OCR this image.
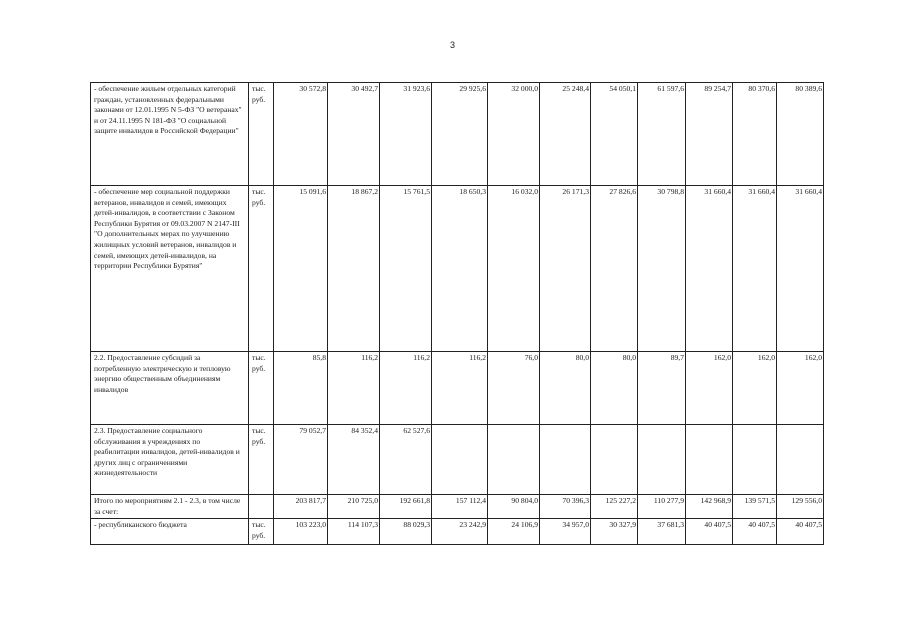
3
- обеспечение жильем отдельных категорий граждан, установленных федеральными законами от 12.01.1995 N 5-ФЗ "О ветеранах" и от 24.11.1995 N 181-ФЗ "О социальной защите инвалидов в Российской Федерации"	тыс. руб.	30 572,8	30 492,7	31 923,6	29 925,6	32 000,0	25 248,4	54 050,1	61 597,6	89 254,7	80 370,6	80 389,6
- обеспечение мер социальной поддержки ветеранов, инвалидов и семей, имеющих детей-инвалидов, в соответствии с Законом Республики Бурятия от 09.03.2007 N 2147-III "О дополнительных мерах по улучшению жилищных условий ветеранов, инвалидов и семей, имеющих детей-инвалидов, на территории Республики Бурятия"	тыс. руб.	15 091,6	18 867,2	15 761,5	18 650,3	16 032,0	26 171,3	27 826,6	30 798,8	31 660,4	31 660,4	31 660,4
2.2. Предоставление субсидий за потребленную электрическую и тепловую энергию общественным объединениям инвалидов	тыс. руб.	85,8	116,2	116,2	116,2	76,0	80,0	80,0	89,7	162,0	162,0	162,0
2.3. Предоставление социального обслуживания в учреждениях по реабилитации инвалидов, детей-инвалидов и других лиц с ограничениями жизнедеятельности	тыс. руб.	79 052,7	84 352,4	62 527,6								
Итого по мероприятиям 2.1 - 2.3, в том числе за счет:		203 817,7	210 725,0	192 661,8	157 112,4	90 804,0	70 396,3	125 227,2	110 277,9	142 968,9	139 571,5	129 556,0
- республиканского бюджета	тыс. руб.	103 223,0	114 107,3	88 029,3	23 242,9	24 106,9	34 957,0	30 327,9	37 681,3	40 407,5	40 407,5	40 407,5
